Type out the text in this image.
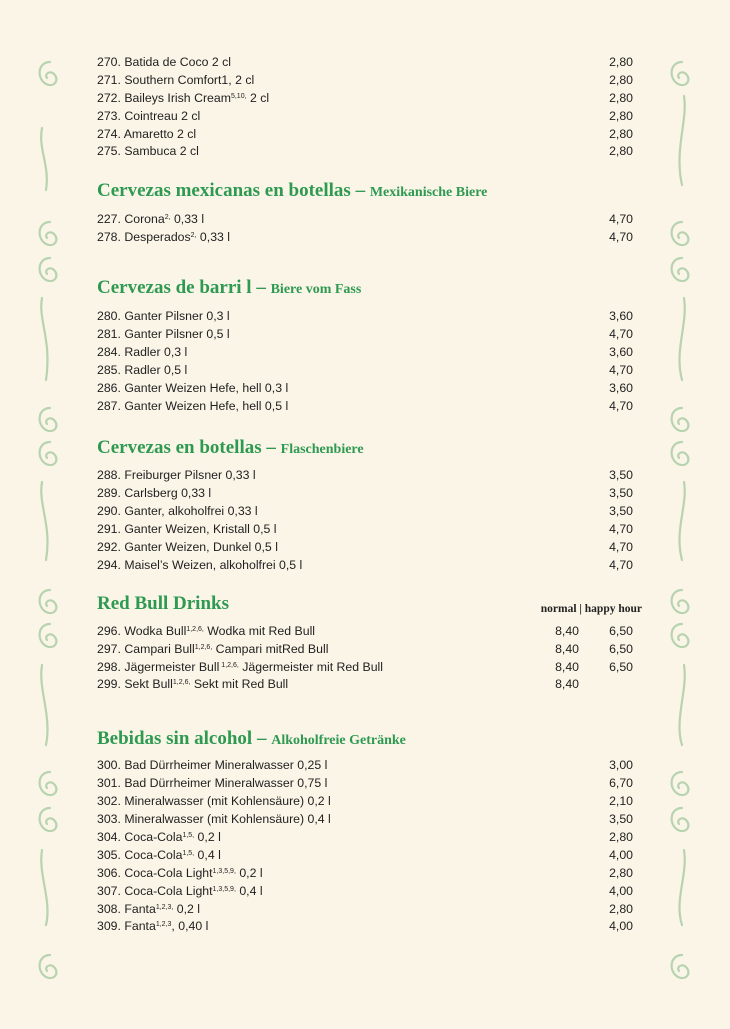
270. Batida de Coco 2 cl	2,80
271. Southern Comfort1, 2 cl	2,80
272. Baileys Irish Cream$^{5,10,}$ 2 cl	2,80
273. Cointreau 2 cl	2,80
274. Amaretto 2 cl	2,80
275. Sambuca 2 cl	2,80
Cervezas mexicanas en botellas – Mexikanische Biere
227. Corona$^{2,}$ 0,33 l	4,70
278. Desperados$^{2,}$ 0,33 l	4,70
Cervezas de barri l – Biere vom Fass
280. Ganter Pilsner 0,3 l	3,60
281. Ganter Pilsner 0,5 l	4,70
284. Radler 0,3 l	3,60
285. Radler 0,5 l	4,70
286. Ganter Weizen Hefe, hell 0,3 l	3,60
287. Ganter Weizen Hefe, hell 0,5 l	4,70
Cervezas en botellas – Flaschenbiere
288. Freiburger Pilsner 0,33 l	3,50
289. Carlsberg 0,33 l	3,50
290. Ganter, alkoholfrei 0,33 l	3,50
291. Ganter Weizen, Kristall 0,5 l	4,70
292. Ganter Weizen, Dunkel 0,5 l	4,70
294. Maisel’s Weizen, alkoholfrei 0,5 l	4,70
Red Bull Drinks	normal | happy hour
296. Wodka Bull$^{1,2,6,}$ Wodka mit Red Bull	8,40 6,50
297. Campari Bull$^{1,2,6,}$ Campari mitRed Bull	8,40 6,50
298. Jägermeister Bull $^{1,2,6,}$ Jägermeister mit Red Bull	8,40 6,50
299. Sekt Bull$^{1,2,6,}$ Sekt mit Red Bull	8,40
Bebidas sin alcohol – Alkoholfreie Getränke
300. Bad Dürrheimer Mineralwasser 0,25 l	3,00
301. Bad Dürrheimer Mineralwasser 0,75 l	6,70
302. Mineralwasser (mit Kohlensäure) 0,2 l	2,10
303. Mineralwasser (mit Kohlensäure) 0,4 l	3,50
304. Coca-Cola$^{1,5,}$ 0,2 l	2,80
305. Coca-Cola$^{1,5,}$ 0,4 l	4,00
306. Coca-Cola Light$^{1,3,5,9,}$ 0,2 l	2,80
307. Coca-Cola Light$^{1,3,5,9,}$ 0,4 l	4,00
308. Fanta$^{1,2,3,}$ 0,2 l	2,80
309. Fanta$^{1,2,3}$, 0,40 l	4,00
